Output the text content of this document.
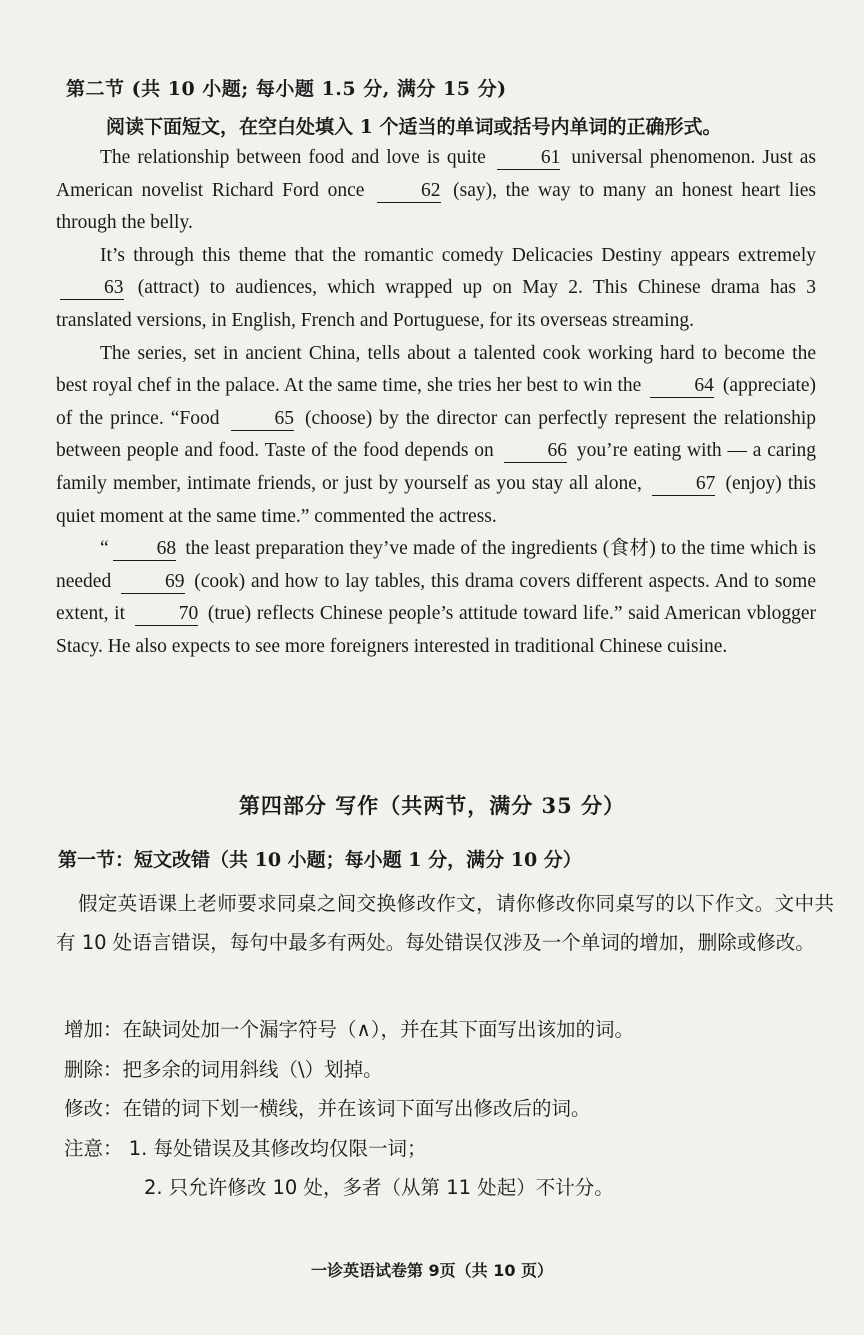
第二节 (共 10 小题; 每小题 1.5 分, 满分 15 分)
阅读下面短文，在空白处填入 1 个适当的单词或括号内单词的正确形式。

The relationship between food and love is quite	61 universal phenomenon. Just as American novelist Richard Ford once	62 (say), the way to many an honest heart lies through the belly.

It’s through this theme that the romantic comedy Delicacies Destiny appears extremely 63 (attract) to audiences, which wrapped up on May 2. This Chinese drama has 3 translated versions, in English, French and Portuguese, for its overseas streaming.

The series, set in ancient China, tells about a talented cook working hard to become the best royal chef in the palace. At the same time, she tries her best to win the	64 (appreciate) of the prince. “Food	65 (choose) by the director can perfectly represent the relationship between people and food. Taste of the food depends on	66 you’re eating with — a caring family member, intimate friends, or just by yourself as you stay all alone,	67 (enjoy) this quiet moment at the same time.” commented the actress.

“ 68 the least preparation they’ve made of the ingredients (食材) to the time which is needed	69 (cook) and how to lay tables, this drama covers different aspects. And to some extent, it	70 (true) reflects Chinese people’s attitude toward life.” said American vblogger Stacy. He also expects to see more foreigners interested in traditional Chinese cuisine.

第四部分 写作（共两节，满分 35 分）
第一节：短文改错（共 10 小题；每小题 1 分，满分 10 分）

假定英语课上老师要求同桌之间交换修改作文，请你修改你同桌写的以下作文。文中共有 10 处语言错误，每句中最多有两处。每处错误仅涉及一个单词的增加，删除或修改。

增加：在缺词处加一个漏字符号（∧），并在其下面写出该加的词。
删除：把多余的词用斜线（\）划掉。
修改：在错的词下划一横线，并在该词下面写出修改后的词。
注意： 1. 每处错误及其修改均仅限一词；
2. 只允许修改 10 处，多者（从第 11 处起）不计分。
一诊英语试卷第 9页（共 10 页）
